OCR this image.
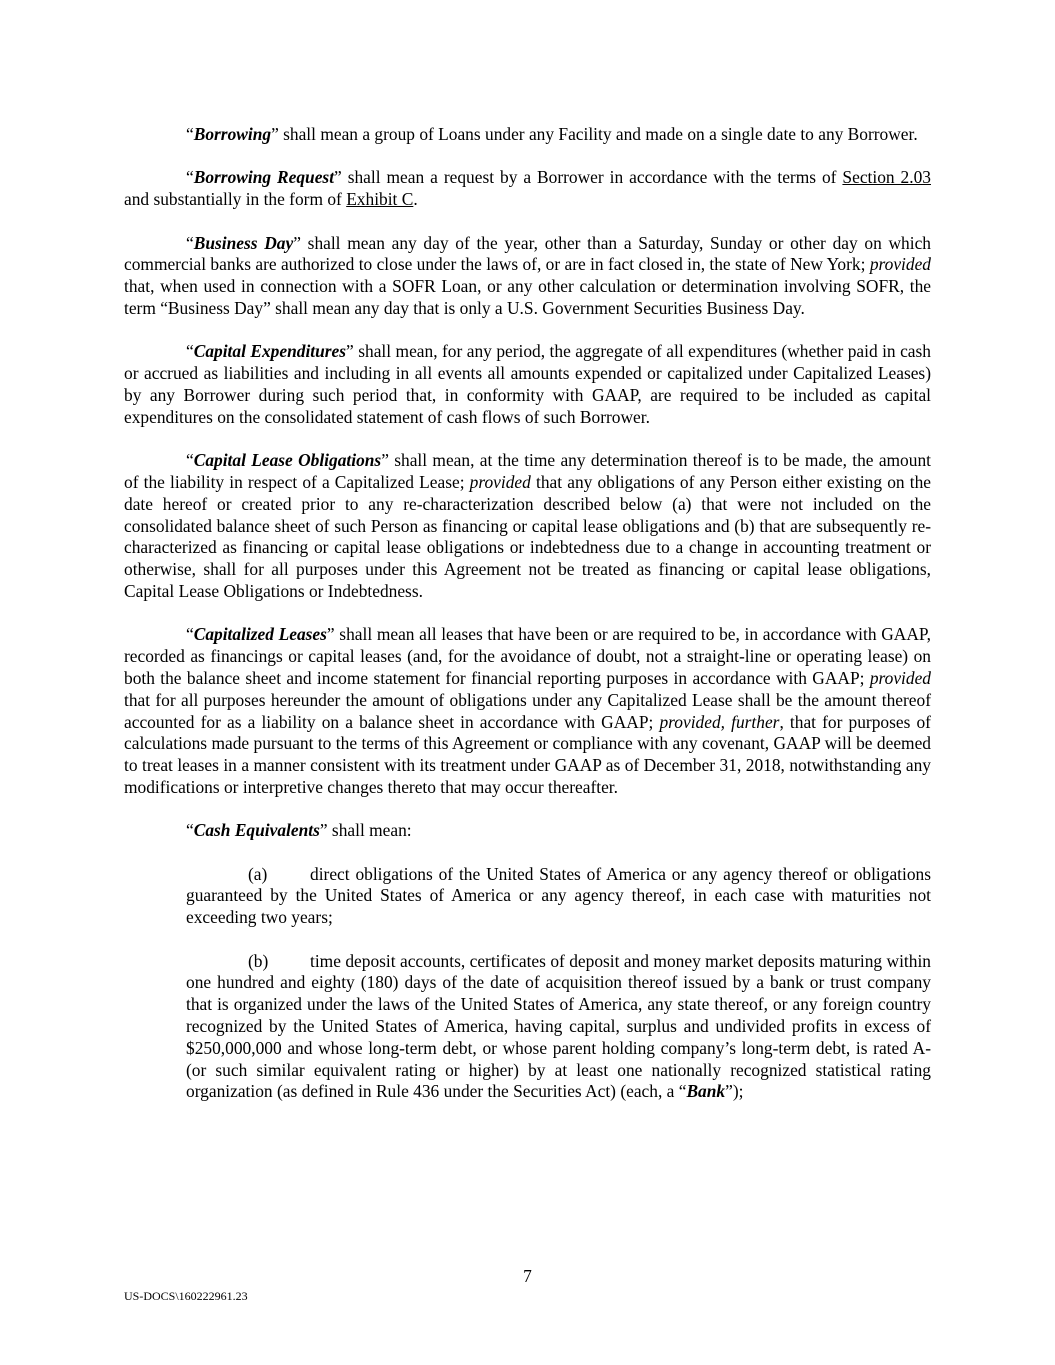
“Borrowing” shall mean a group of Loans under any Facility and made on a single date to any Borrower.

“Borrowing Request” shall mean a request by a Borrower in accordance with the terms of Section 2.03 and substantially in the form of Exhibit C.

“Business Day” shall mean any day of the year, other than a Saturday, Sunday or other day on which commercial banks are authorized to close under the laws of, or are in fact closed in, the state of New York; provided that, when used in connection with a SOFR Loan, or any other calculation or determination involving SOFR, the term “Business Day” shall mean any day that is only a U.S. Government Securities Business Day.

“Capital Expenditures” shall mean, for any period, the aggregate of all expenditures (whether paid in cash or accrued as liabilities and including in all events all amounts expended or capitalized under Capitalized Leases) by any Borrower during such period that, in conformity with GAAP, are required to be included as capital expenditures on the consolidated statement of cash flows of such Borrower.

“Capital Lease Obligations” shall mean, at the time any determination thereof is to be made, the amount of the liability in respect of a Capitalized Lease; provided that any obligations of any Person either existing on the date hereof or created prior to any re-characterization described below (a) that were not included on the consolidated balance sheet of such Person as financing or capital lease obligations and (b) that are subsequently re-characterized as financing or capital lease obligations or indebtedness due to a change in accounting treatment or otherwise, shall for all purposes under this Agreement not be treated as financing or capital lease obligations, Capital Lease Obligations or Indebtedness.

“Capitalized Leases” shall mean all leases that have been or are required to be, in accordance with GAAP, recorded as financings or capital leases (and, for the avoidance of doubt, not a straight-line or operating lease) on both the balance sheet and income statement for financial reporting purposes in accordance with GAAP; provided that for all purposes hereunder the amount of obligations under any Capitalized Lease shall be the amount thereof accounted for as a liability on a balance sheet in accordance with GAAP; provided, further, that for purposes of calculations made pursuant to the terms of this Agreement or compliance with any covenant, GAAP will be deemed to treat leases in a manner consistent with its treatment under GAAP as of December 31, 2018, notwithstanding any modifications or interpretive changes thereto that may occur thereafter.

“Cash Equivalents” shall mean:

(a) direct obligations of the United States of America or any agency thereof or obligations guaranteed by the United States of America or any agency thereof, in each case with maturities not exceeding two years;

(b) time deposit accounts, certificates of deposit and money market deposits maturing within one hundred and eighty (180) days of the date of acquisition thereof issued by a bank or trust company that is organized under the laws of the United States of America, any state thereof, or any foreign country recognized by the United States of America, having capital, surplus and undivided profits in excess of $250,000,000 and whose long-term debt, or whose parent holding company’s long-term debt, is rated A- (or such similar equivalent rating or higher) by at least one nationally recognized statistical rating organization (as defined in Rule 436 under the Securities Act) (each, a “Bank”);

7
US-DOCS\160222961.23
